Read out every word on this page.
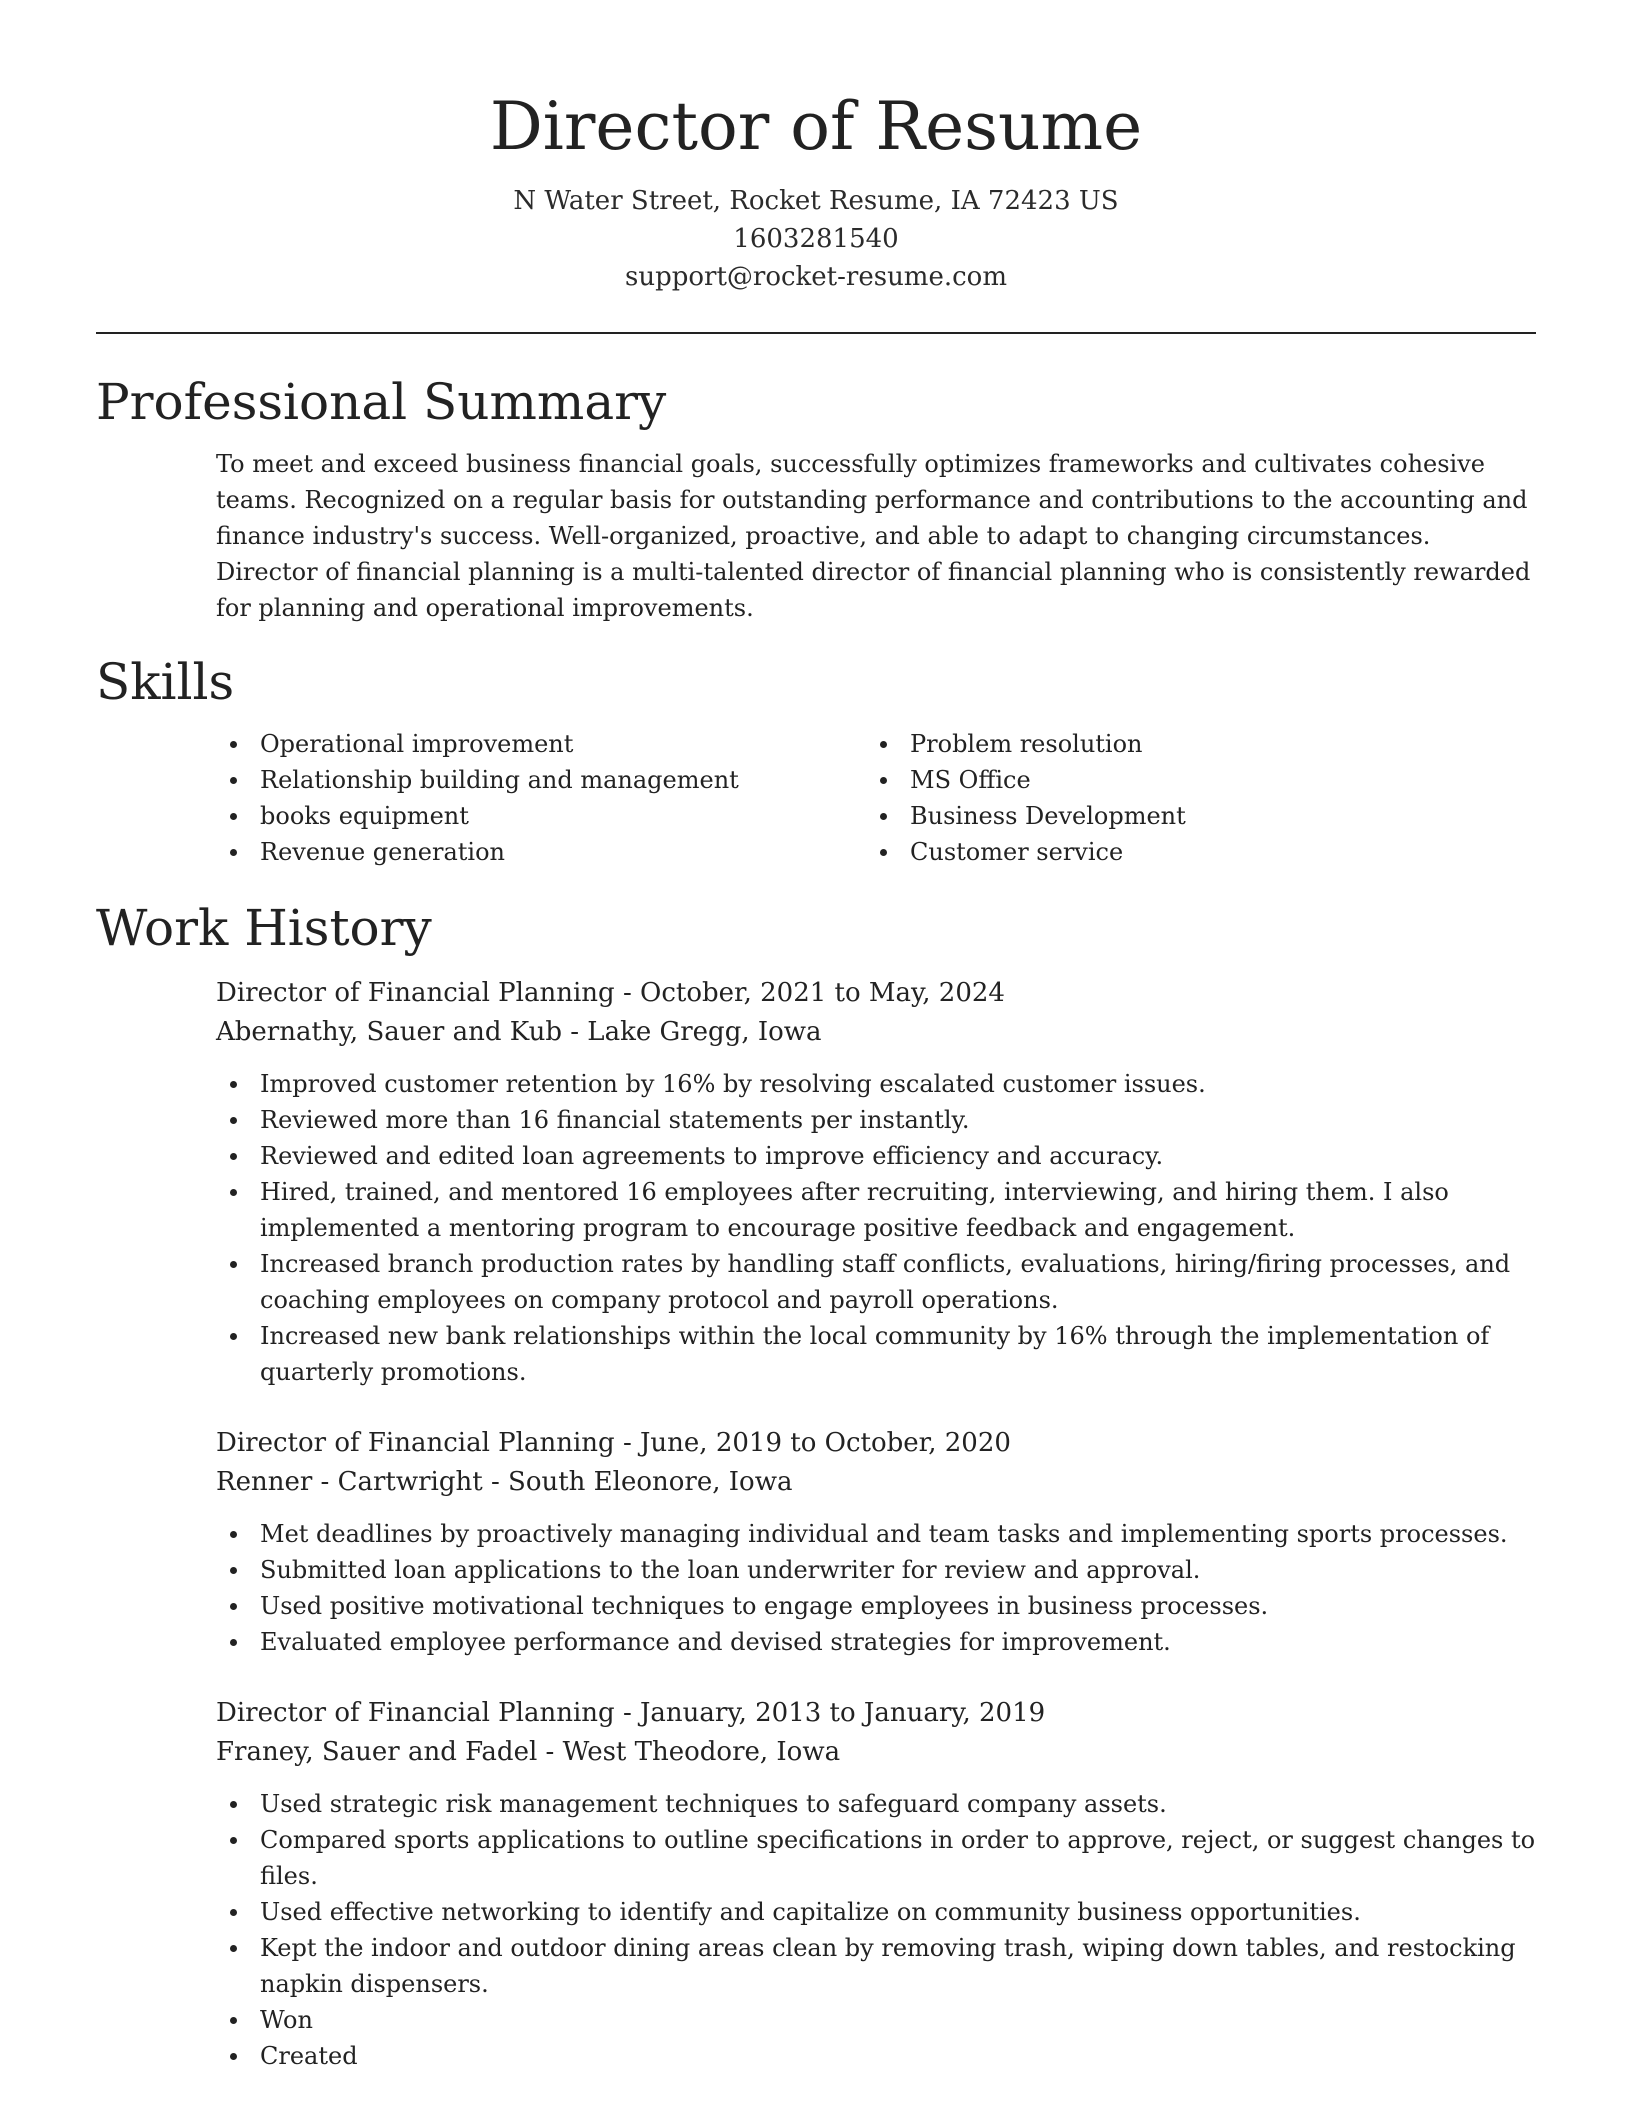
Director of Resume
N Water Street, Rocket Resume, IA 72423 US
1603281540
support@rocket-resume.com
Professional Summary

To meet and exceed business financial goals, successfully optimizes frameworks and cultivates cohesive teams. Recognized on a regular basis for outstanding performance and contributions to the accounting and finance industry's success. Well-organized, proactive, and able to adapt to changing circumstances. Director of financial planning is a multi-talented director of financial planning who is consistently rewarded for planning and operational improvements.

Skills
Operational improvement
Relationship building and management
books equipment
Revenue generation
Problem resolution
MS Office
Business Development
Customer service
Work History
Director of Financial Planning - October, 2021 to May, 2024
Abernathy, Sauer and Kub - Lake Gregg, Iowa
Improved customer retention by 16% by resolving escalated customer issues.
Reviewed more than 16 financial statements per instantly.
Reviewed and edited loan agreements to improve efficiency and accuracy.
Hired, trained, and mentored 16 employees after recruiting, interviewing, and hiring them. I also implemented a mentoring program to encourage positive feedback and engagement.
Increased branch production rates by handling staff conflicts, evaluations, hiring/firing processes, and coaching employees on company protocol and payroll operations.
Increased new bank relationships within the local community by 16% through the implementation of quarterly promotions.
Director of Financial Planning - June, 2019 to October, 2020
Renner - Cartwright - South Eleonore, Iowa
Met deadlines by proactively managing individual and team tasks and implementing sports processes.
Submitted loan applications to the loan underwriter for review and approval.
Used positive motivational techniques to engage employees in business processes.
Evaluated employee performance and devised strategies for improvement.
Director of Financial Planning - January, 2013 to January, 2019
Franey, Sauer and Fadel - West Theodore, Iowa
Used strategic risk management techniques to safeguard company assets.
Compared sports applications to outline specifications in order to approve, reject, or suggest changes to files.
Used effective networking to identify and capitalize on community business opportunities.
Kept the indoor and outdoor dining areas clean by removing trash, wiping down tables, and restocking napkin dispensers.
Won
Created
